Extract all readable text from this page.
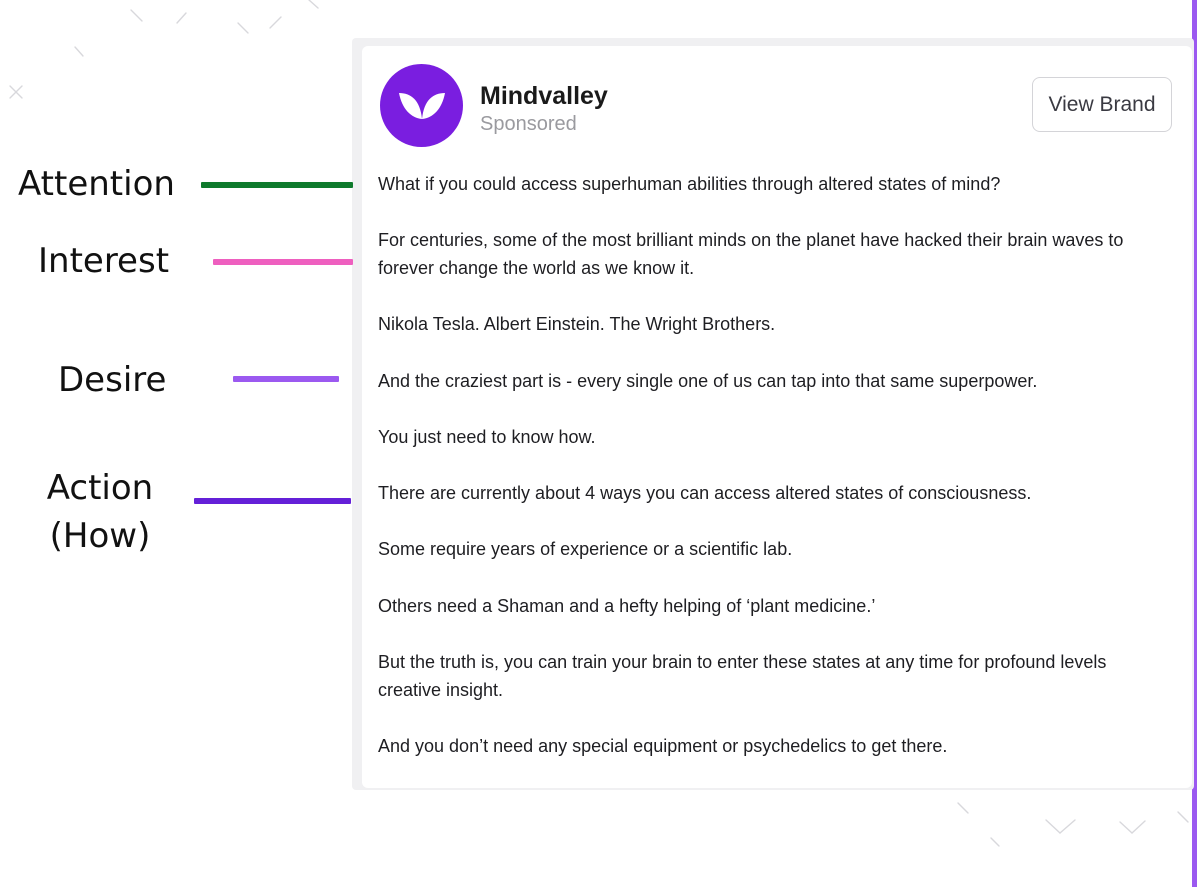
Mindvalley
Sponsored
View Brand
What if you could access superhuman abilities through altered states of mind?
For centuries, some of the most brilliant minds on the planet have hacked their brain waves to forever change the world as we know it.
Nikola Tesla. Albert Einstein. The Wright Brothers.
And the craziest part is - every single one of us can tap into that same superpower.
You just need to know how.
There are currently about 4 ways you can access altered states of consciousness.
Some require years of experience or a scientific lab.
Others need a Shaman and a hefty helping of ‘plant medicine.’
But the truth is, you can train your brain to enter these states at any time for profound levels creative insight.
And you don’t need any special equipment or psychedelics to get there.
Attention
Interest
Desire
Action
(How)
